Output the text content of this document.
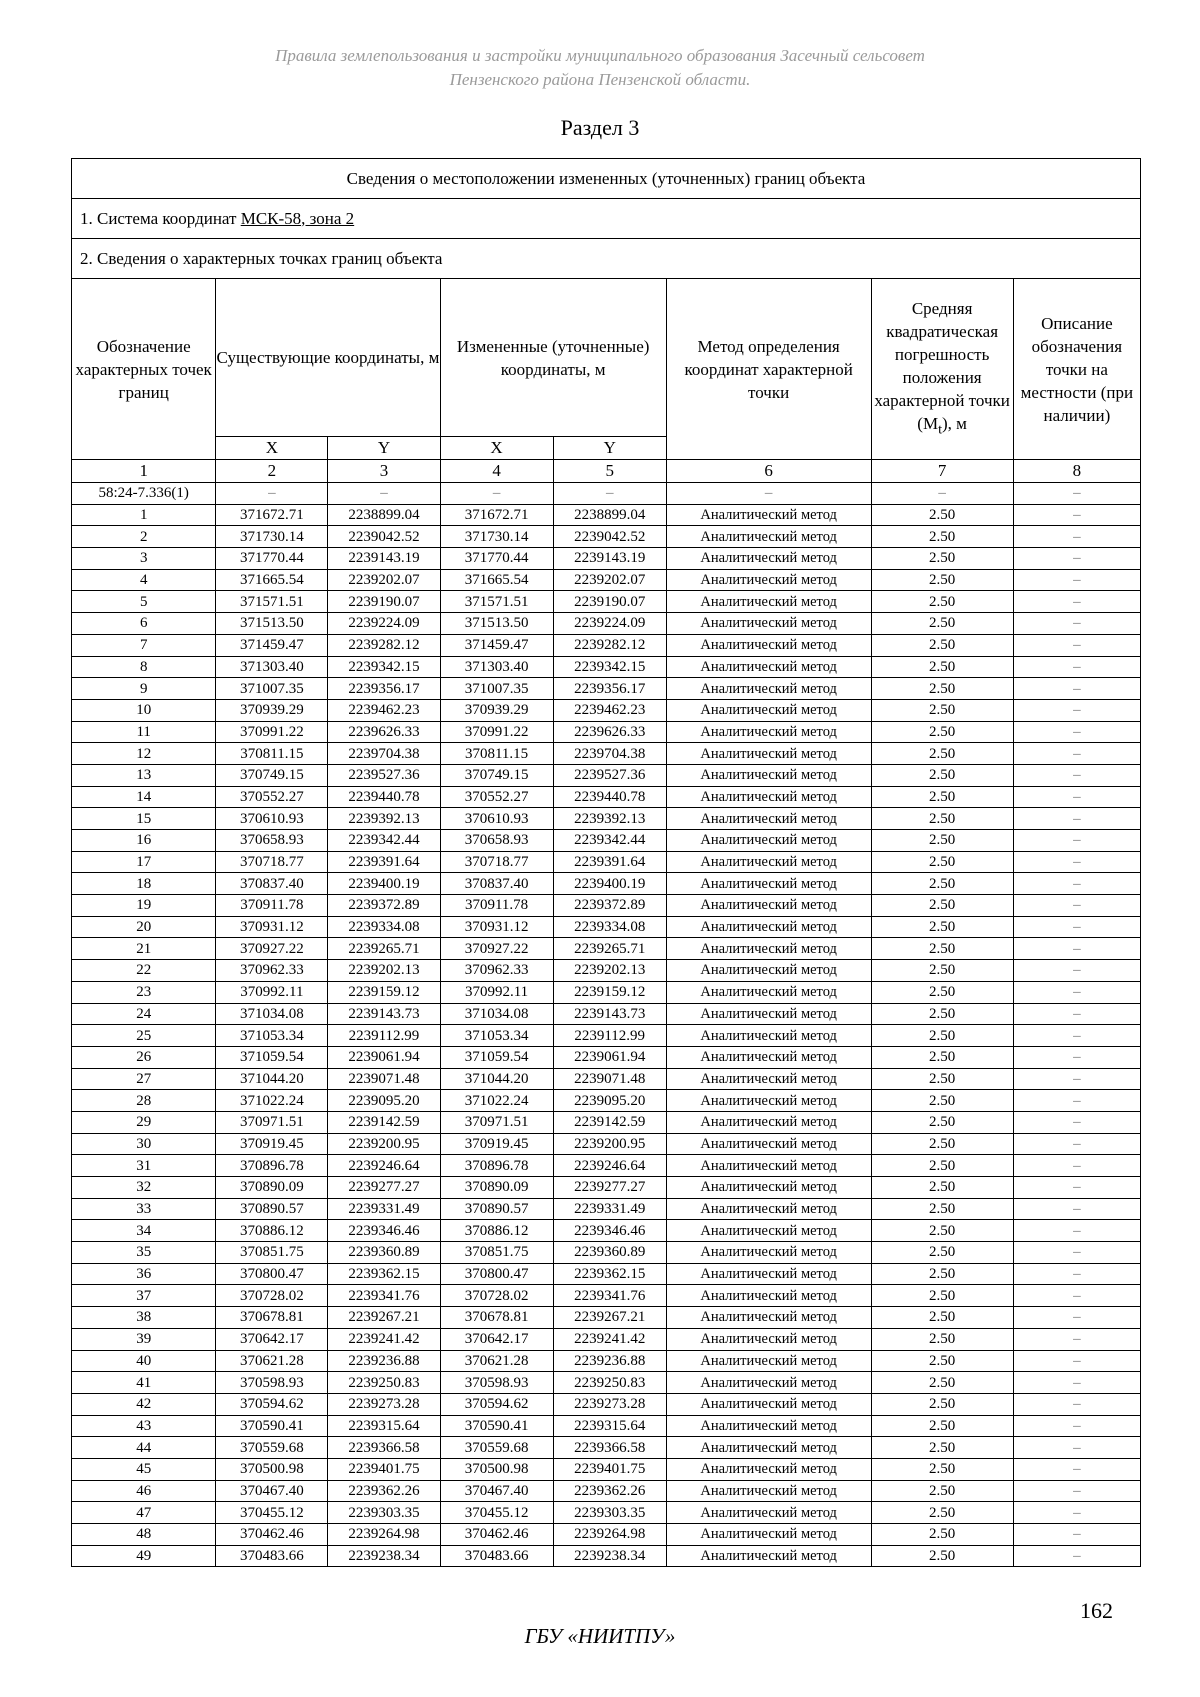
Правила землепользования и застройки муниципального образования Засечный сельсовет
Пензенского района Пензенской области.
Раздел 3
Сведения о местоположении измененных (уточненных) границ объекта							
1. Система координат МСК-58, зона 2							
2. Сведения о характерных точках границ объекта							
Обозначение характерных точек границ	Существующие координаты, м		Измененные (уточненные) координаты, м		Метод определения координат характерной точки	Средняя квадратическая погрешность положения характерной точки $(M_t)$, м	Описание обозначения точки на местности (при наличии)
	X	Y	X	Y			
1	2	3	4	5	6	7	8
58:24-7.336(1)	–	–	–	–	–	–	–
1	371672.71	2238899.04	371672.71	2238899.04	Аналитический метод	2.50	–
2	371730.14	2239042.52	371730.14	2239042.52	Аналитический метод	2.50	–
3	371770.44	2239143.19	371770.44	2239143.19	Аналитический метод	2.50	–
4	371665.54	2239202.07	371665.54	2239202.07	Аналитический метод	2.50	–
5	371571.51	2239190.07	371571.51	2239190.07	Аналитический метод	2.50	–
6	371513.50	2239224.09	371513.50	2239224.09	Аналитический метод	2.50	–
7	371459.47	2239282.12	371459.47	2239282.12	Аналитический метод	2.50	–
8	371303.40	2239342.15	371303.40	2239342.15	Аналитический метод	2.50	–
9	371007.35	2239356.17	371007.35	2239356.17	Аналитический метод	2.50	–
10	370939.29	2239462.23	370939.29	2239462.23	Аналитический метод	2.50	–
11	370991.22	2239626.33	370991.22	2239626.33	Аналитический метод	2.50	–
12	370811.15	2239704.38	370811.15	2239704.38	Аналитический метод	2.50	–
13	370749.15	2239527.36	370749.15	2239527.36	Аналитический метод	2.50	–
14	370552.27	2239440.78	370552.27	2239440.78	Аналитический метод	2.50	–
15	370610.93	2239392.13	370610.93	2239392.13	Аналитический метод	2.50	–
16	370658.93	2239342.44	370658.93	2239342.44	Аналитический метод	2.50	–
17	370718.77	2239391.64	370718.77	2239391.64	Аналитический метод	2.50	–
18	370837.40	2239400.19	370837.40	2239400.19	Аналитический метод	2.50	–
19	370911.78	2239372.89	370911.78	2239372.89	Аналитический метод	2.50	–
20	370931.12	2239334.08	370931.12	2239334.08	Аналитический метод	2.50	–
21	370927.22	2239265.71	370927.22	2239265.71	Аналитический метод	2.50	–
22	370962.33	2239202.13	370962.33	2239202.13	Аналитический метод	2.50	–
23	370992.11	2239159.12	370992.11	2239159.12	Аналитический метод	2.50	–
24	371034.08	2239143.73	371034.08	2239143.73	Аналитический метод	2.50	–
25	371053.34	2239112.99	371053.34	2239112.99	Аналитический метод	2.50	–
26	371059.54	2239061.94	371059.54	2239061.94	Аналитический метод	2.50	–
27	371044.20	2239071.48	371044.20	2239071.48	Аналитический метод	2.50	–
28	371022.24	2239095.20	371022.24	2239095.20	Аналитический метод	2.50	–
29	370971.51	2239142.59	370971.51	2239142.59	Аналитический метод	2.50	–
30	370919.45	2239200.95	370919.45	2239200.95	Аналитический метод	2.50	–
31	370896.78	2239246.64	370896.78	2239246.64	Аналитический метод	2.50	–
32	370890.09	2239277.27	370890.09	2239277.27	Аналитический метод	2.50	–
33	370890.57	2239331.49	370890.57	2239331.49	Аналитический метод	2.50	–
34	370886.12	2239346.46	370886.12	2239346.46	Аналитический метод	2.50	–
35	370851.75	2239360.89	370851.75	2239360.89	Аналитический метод	2.50	–
36	370800.47	2239362.15	370800.47	2239362.15	Аналитический метод	2.50	–
37	370728.02	2239341.76	370728.02	2239341.76	Аналитический метод	2.50	–
38	370678.81	2239267.21	370678.81	2239267.21	Аналитический метод	2.50	–
39	370642.17	2239241.42	370642.17	2239241.42	Аналитический метод	2.50	–
40	370621.28	2239236.88	370621.28	2239236.88	Аналитический метод	2.50	–
41	370598.93	2239250.83	370598.93	2239250.83	Аналитический метод	2.50	–
42	370594.62	2239273.28	370594.62	2239273.28	Аналитический метод	2.50	–
43	370590.41	2239315.64	370590.41	2239315.64	Аналитический метод	2.50	–
44	370559.68	2239366.58	370559.68	2239366.58	Аналитический метод	2.50	–
45	370500.98	2239401.75	370500.98	2239401.75	Аналитический метод	2.50	–
46	370467.40	2239362.26	370467.40	2239362.26	Аналитический метод	2.50	–
47	370455.12	2239303.35	370455.12	2239303.35	Аналитический метод	2.50	–
48	370462.46	2239264.98	370462.46	2239264.98	Аналитический метод	2.50	–
49	370483.66	2239238.34	370483.66	2239238.34	Аналитический метод	2.50	–
162
ГБУ «НИИТПУ»
